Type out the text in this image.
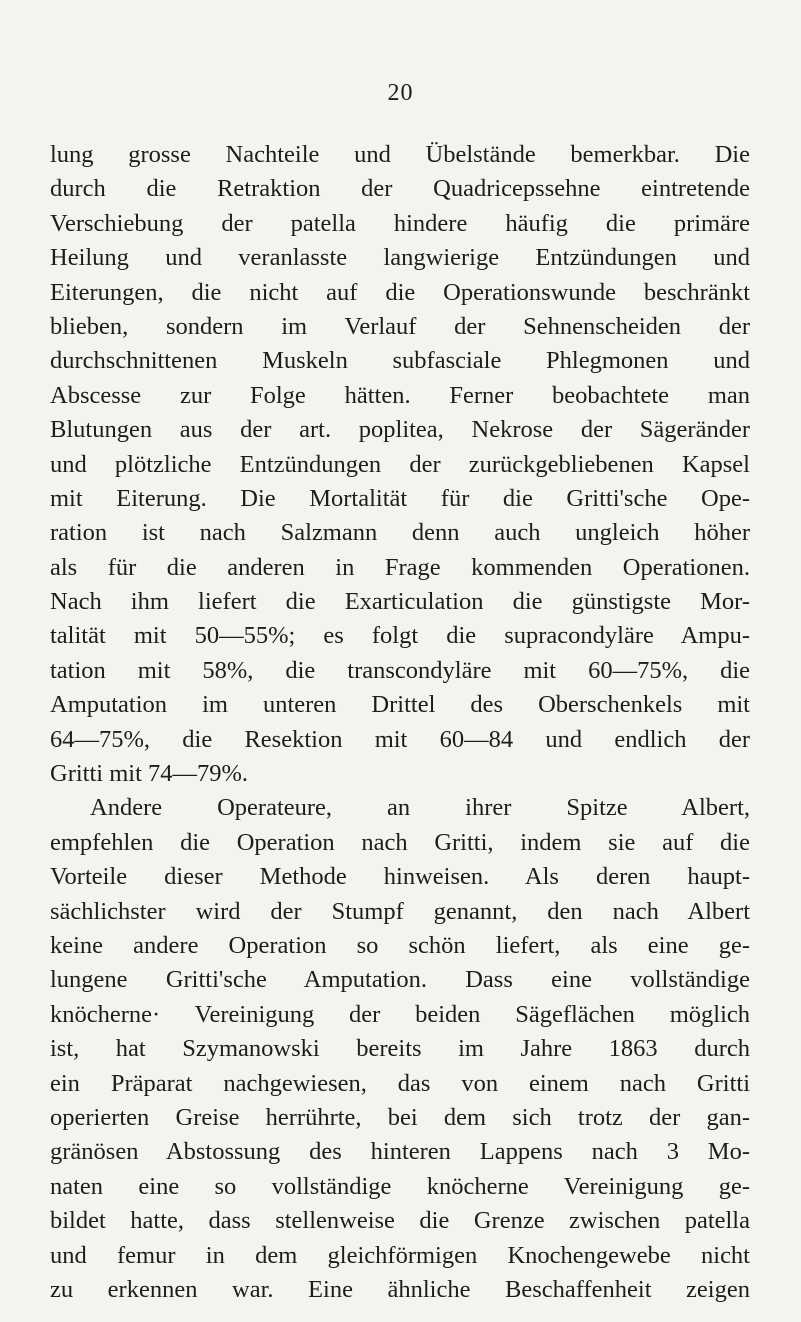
20
lung grosse Nachteile und Übelstände bemerkbar. Die
durch die Retraktion der Quadricepssehne eintretende
Verschiebung der patella hindere häufig die primäre
Heilung und veranlasste langwierige Entzündungen und
Eiterungen, die nicht auf die Operationswunde beschränkt
blieben, sondern im Verlauf der Sehnenscheiden der
durchschnittenen Muskeln subfasciale Phlegmonen und
Abscesse zur Folge hätten. Ferner beobachtete man
Blutungen aus der art. poplitea, Nekrose der Sägeränder
und plötzliche Entzündungen der zurückgebliebenen Kapsel
mit Eiterung. Die Mortalität für die Gritti'sche Ope-
ration ist nach Salzmann denn auch ungleich höher
als für die anderen in Frage kommenden Operationen.
Nach ihm liefert die Exarticulation die günstigste Mor-
talität mit 50—55%; es folgt die supracondyläre Ampu-
tation mit 58%, die transcondyläre mit 60—75%, die
Amputation im unteren Drittel des Oberschenkels mit
64—75%, die Resektion mit 60—84 und endlich der
Gritti mit 74—79%.
Andere Operateure, an ihrer Spitze Albert,
empfehlen die Operation nach Gritti, indem sie auf die
Vorteile dieser Methode hinweisen. Als deren haupt-
sächlichster wird der Stumpf genannt, den nach Albert
keine andere Operation so schön liefert, als eine ge-
lungene Gritti'sche Amputation. Dass eine vollständige
knöcherne· Vereinigung der beiden Sägeflächen möglich
ist, hat Szymanowski bereits im Jahre 1863 durch
ein Präparat nachgewiesen, das von einem nach Gritti
operierten Greise herrührte, bei dem sich trotz der gan-
gränösen Abstossung des hinteren Lappens nach 3 Mo-
naten eine so vollständige knöcherne Vereinigung ge-
bildet hatte, dass stellenweise die Grenze zwischen patella
und femur in dem gleichförmigen Knochengewebe nicht
zu erkennen war. Eine ähnliche Beschaffenheit zeigen
